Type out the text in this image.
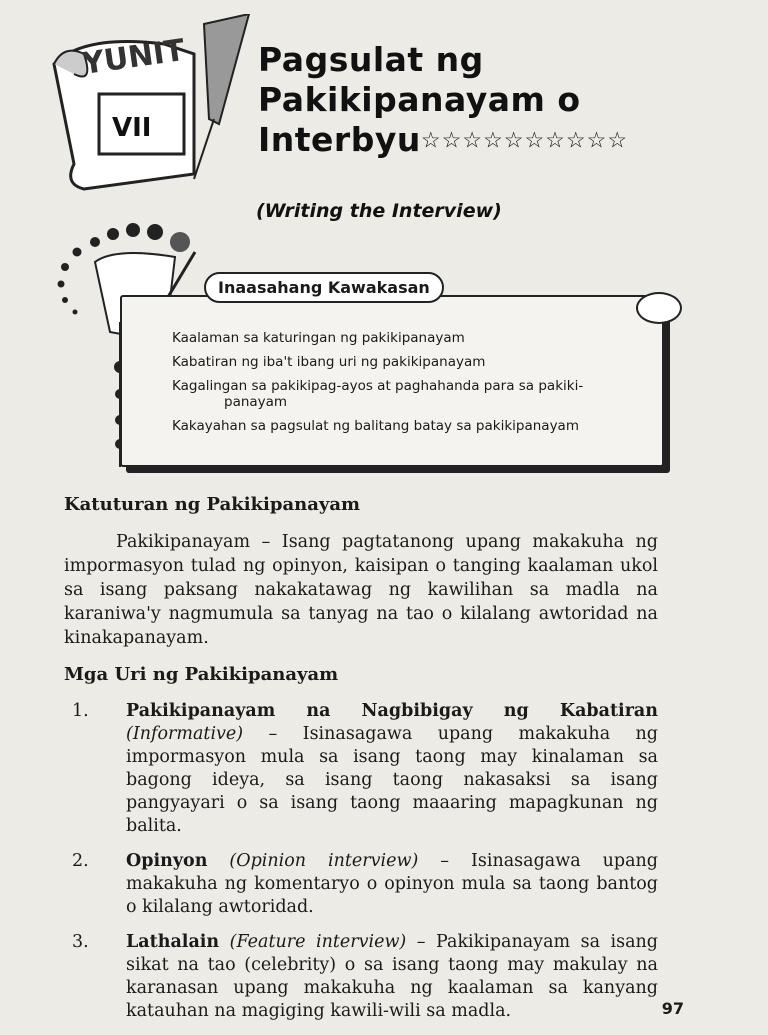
YUNIT
VII
Pagsulat ng
Pakikipanayam o
Interbyu☆☆☆☆☆☆☆☆☆☆
(Writing the Interview)
Inaasahang Kawakasan
Kaalaman sa katuringan ng pakikipanayam
Kabatiran ng iba't ibang uri ng pakikipanayam
Kagalingan sa pakikipag-ayos at paghahanda para sa pakiki-
panayam
Kakayahan sa pagsulat ng balitang batay sa pakikipanayam
Katuturan ng Pakikipanayam
Pakikipanayam – Isang pagtatanong upang makakuha ng impormasyon tulad ng opinyon, kaisipan o tanging kaalaman ukol sa isang paksang nakakatawag ng kawilihan sa madla na karaniwa'y nagmumula sa tanyag na tao o kilalang awtoridad na kinakapanayam.
Mga Uri ng Pakikipanayam
1.	Pakikipanayam na Nagbibigay ng Kabatiran (Informative) – Isinasagawa upang makakuha ng impormasyon mula sa isang taong may kinalaman sa bagong ideya, sa isang taong nakasaksi sa isang pangyayari o sa isang taong maaaring mapagkunan ng balita.
2.	Opinyon (Opinion interview) – Isinasagawa upang makakuha ng komentaryo o opinyon mula sa taong bantog o kilalang awtoridad.
3.	Lathalain (Feature interview) – Pakikipanayam sa isang sikat na tao (celebrity) o sa isang taong may makulay na karanasan upang makakuha ng kaalaman sa kanyang katauhan na magiging kawili-wili sa madla.	97
